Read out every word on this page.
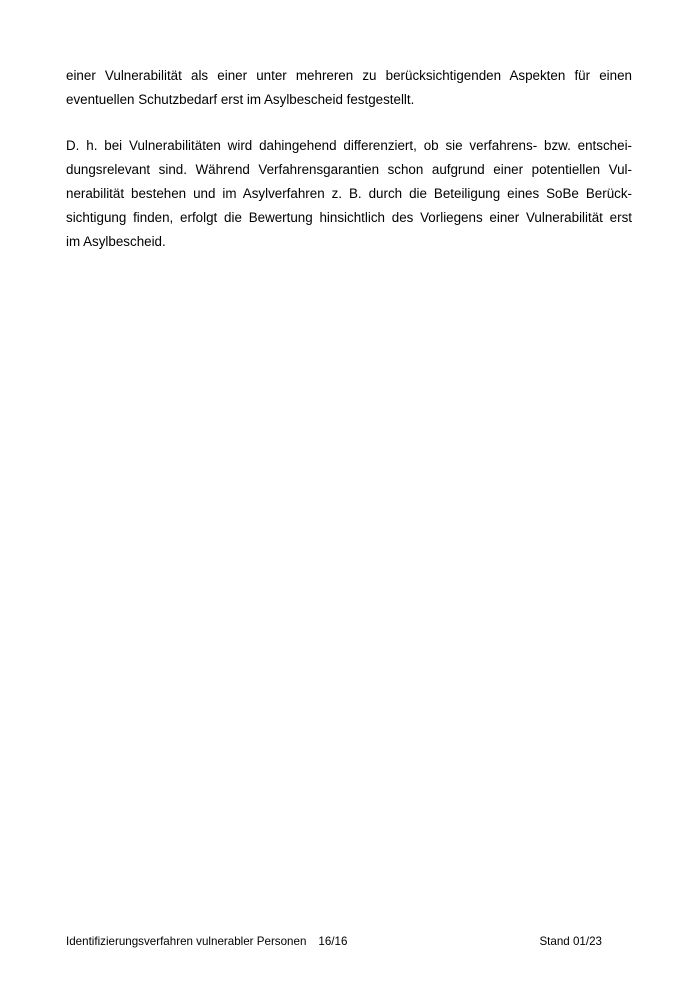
einer Vulnerabilität als einer unter mehreren zu berücksichtigenden Aspekten für einen
eventuellen Schutzbedarf erst im Asylbescheid festgestellt.

D. h. bei Vulnerabilitäten wird dahingehend differenziert, ob sie verfahrens- bzw. entschei-
dungsrelevant sind. Während Verfahrensgarantien schon aufgrund einer potentiellen Vul-
nerabilität bestehen und im Asylverfahren z. B. durch die Beteiligung eines SoBe Berück-
sichtigung finden, erfolgt die Bewertung hinsichtlich des Vorliegens einer Vulnerabilität erst
im Asylbescheid.

Identifizierungsverfahren vulnerabler Personen 16/16	Stand 01/23
